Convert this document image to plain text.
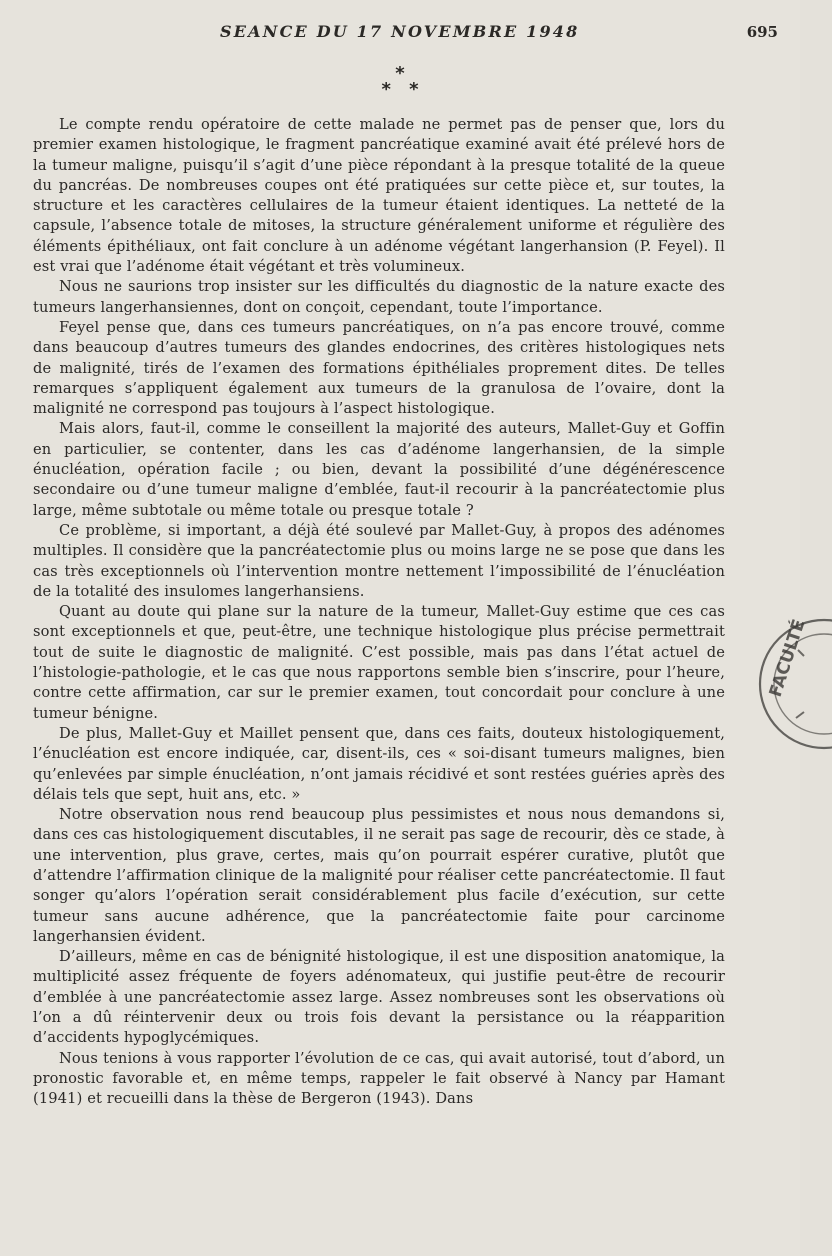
SEANCE DU 17 NOVEMBRE 1948	695
*
* *

Le compte rendu opératoire de cette malade ne permet pas de penser que, lors du premier examen histologique, le fragment pancréatique examiné avait été prélevé hors de la tumeur maligne, puisqu’il s’agit d’une pièce répondant à la presque totalité de la queue du pancréas. De nombreuses coupes ont été pratiquées sur cette pièce et, sur toutes, la structure et les caractères cellulaires de la tumeur étaient identiques. La netteté de la capsule, l’absence totale de mitoses, la structure généralement uniforme et régulière des éléments épithéliaux, ont fait conclure à un adénome végétant langerhansion (P. Feyel). Il est vrai que l’adénome était végétant et très volumineux.

Nous ne saurions trop insister sur les difficultés du diagnostic de la nature exacte des tumeurs langerhansiennes, dont on conçoit, cependant, toute l’importance.

Feyel pense que, dans ces tumeurs pancréatiques, on n’a pas encore trouvé, comme dans beaucoup d’autres tumeurs des glandes endocrines, des critères histologiques nets de malignité, tirés de l’examen des formations épithéliales proprement dites. De telles remarques s’appliquent également aux tumeurs de la granulosa de l’ovaire, dont la malignité ne correspond pas toujours à l’aspect histologique.

Mais alors, faut-il, comme le conseillent la majorité des auteurs, Mallet-Guy et Goffin en particulier, se contenter, dans les cas d’adénome langerhansien, de la simple énucléation, opération facile ; ou bien, devant la possibilité d’une dégénérescence secondaire ou d’une tumeur maligne d’emblée, faut-il recourir à la pancréatectomie plus large, même subtotale ou même totale ou presque totale ?

Ce problème, si important, a déjà été soulevé par Mallet-Guy, à propos des adénomes multiples. Il considère que la pancréatectomie plus ou moins large ne se pose que dans les cas très exceptionnels où l’intervention montre nettement l’impossibilité de l’énucléation de la totalité des insulomes langerhansiens.

Quant au doute qui plane sur la nature de la tumeur, Mallet-Guy estime que ces cas sont exceptionnels et que, peut-être, une technique histologique plus précise permettrait tout de suite le diagnostic de malignité. C’est possible, mais pas dans l’état actuel de l’histologie-pathologie, et le cas que nous rapportons semble bien s’inscrire, pour l’heure, contre cette affirmation, car sur le premier examen, tout concordait pour conclure à une tumeur bénigne.

De plus, Mallet-Guy et Maillet pensent que, dans ces faits, douteux histologiquement, l’énucléation est encore indiquée, car, disent-ils, ces « soi-disant tumeurs malignes, bien qu’enlevées par simple énucléation, n’ont jamais récidivé et sont restées guéries après des délais tels que sept, huit ans, etc. »

Notre observation nous rend beaucoup plus pessimistes et nous nous demandons si, dans ces cas histologiquement discutables, il ne serait pas sage de recourir, dès ce stade, à une intervention, plus grave, certes, mais qu’on pourrait espérer curative, plutôt que d’attendre l’affirmation clinique de la malignité pour réaliser cette pancréatectomie. Il faut songer qu’alors l’opération serait considérablement plus facile d’exécution, sur cette tumeur sans aucune adhérence, que la pancréatectomie faite pour carcinome langerhansien évident.

D’ailleurs, même en cas de bénignité histologique, il est une disposition anatomique, la multiplicité assez fréquente de foyers adénomateux, qui justifie peut-être de recourir d’emblée à une pancréatectomie assez large. Assez nombreuses sont les observations où l’on a dû réintervenir deux ou trois fois devant la persistance ou la réapparition d’accidents hypoglycémiques.

Nous tenions à vous rapporter l’évolution de ce cas, qui avait autorisé, tout d’abord, un pronostic favorable et, en même temps, rappeler le fait observé à Nancy par Hamant (1941) et recueilli dans la thèse de Bergeron (1943). Dans

FACULTÉ
